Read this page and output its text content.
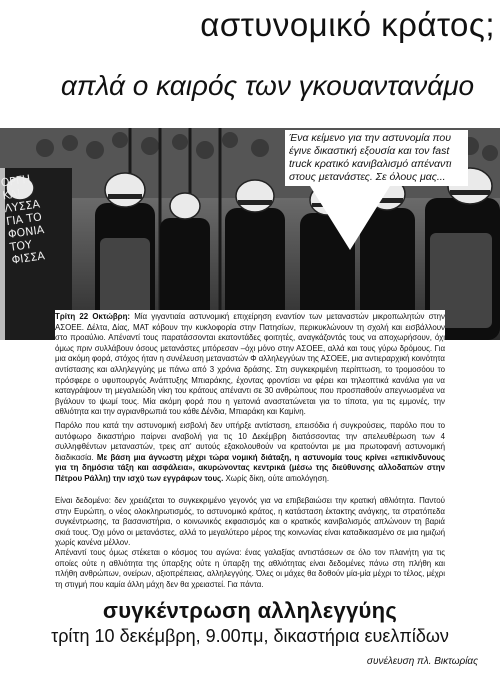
αστυνομικό κράτος;
απλά ο καιρός των γκουαντανάμο
ΟΡΓΗ
ΚΑΙ
ΛΥΣΣΑ
ΓΙΑ ΤΟ
ΦΟΝΙΑ
ΤΟΥ
ΦΙΣΣΑ
Ένα κείμενο για την αστυνομία που έγινε δικαστική εξουσία και τον fast truck κρατικό κανιβαλισμό απέναντι στους μετανάστες. Σε όλους μας...

Τρίτη 22 Οκτώβρη: Μία γιγαντιαία αστυνομική επιχείρηση εναντίον των μεταναστών μικροπωλητών στην ΑΣΟΕΕ. Δέλτα, Δίας, ΜΑΤ κόβουν την κυκλοφορία στην Πατησίων, περικυκλώνουν τη σχολή και εισβάλλουν στο προαύλιο. Απέναντί τους παρατάσσονται εκατοντάδες φοιτητές, αναγκάζοντάς τους να αποχωρήσουν, όχι όμως πριν συλλάβουν όσους μετανάστες μπόρεσαν –όχι μόνο στην ΑΣΟΕΕ, αλλά και τους γύρω δρόμους. Για μια ακόμη φορά, στόχος ήταν η συνέλευση μεταναστών Φ αλληλεγγύων της ΑΣΟΕΕ, μια αντιεραρχική κοινότητα αντίστασης και αλληλεγγύης με πάνω από 3 χρόνια δράσης. Στη συγκεκριμένη περίπτωση, το τρομοσόου το πρόσφερε ο υφυπουργός Ανάπτυξης Μπιαράκης, έχοντας φροντίσει να φέρει και τηλεοπτικά κανάλια για να καταγράψουν τη μεγαλειώδη νίκη του κράτους απέναντι σε 30 ανθρώπους που προσπαθούν απεγνωσμένα να βγάλουν το ψωμί τους. Μία ακόμη φορά που η γειτονιά αναστατώνεται για το τίποτα, για τις εμμονές, την αθλιότητα και την αγριανθρωπιά του κάθε Δένδια, Μπιαράκη και Καμίνη.

Παρόλο που κατά την αστυνομική εισβολή δεν υπήρξε αντίσταση, επεισόδια ή συγκρούσεις, παρόλο που το αυτόφωρο δικαστήριο παίρνει αναβολή για τις 10 Δεκέμβρη διατάσσοντας την απελευθέρωση των 4 συλληφθέντων μεταναστών, τρεις απ' αυτούς εξακολουθούν να κρατούνται με μια πρωτοφανή αστυνομική διαδικασία. Με βάση μια άγνωστη μέχρι τώρα νομική διάταξη, η αστυνομία τους κρίνει «επικίνδυνους για τη δημόσια τάξη και ασφάλεια», ακυρώνοντας κεντρικά (μέσω της διεύθυνσης αλλοδαπών στην Πέτρου Ράλλη) την ισχύ των εγγράφων τους. Χωρίς δίκη, ούτε αιτιολόγηση.

Είναι δεδομένο: δεν χρειάζεται το συγκεκριμένο γεγονός για να επιβεβαιώσει την κρατική αθλιότητα. Παντού στην Ευρώπη, ο νέος ολοκληρωτισμός, το αστυνομικό κράτος, η κατάσταση έκτακτης ανάγκης, τα στρατόπεδα συγκέντρωσης, τα βασανιστήρια, ο κοινωνικός εκφασισμός και ο κρατικός κανιβαλισμός απλώνουν τη βαριά σκιά τους. Όχι μόνο οι μετανάστες, αλλά το μεγαλύτερο μέρος της κοινωνίας είναι καταδικασμένο σε μια ημιζωή χωρίς κανένα μέλλον.

Απέναντί τους όμως στέκεται ο κόσμος του αγώνα: ένας γαλαξίας αντιστάσεων σε όλο τον πλανήτη για τις οποίες ούτε η αθλιότητα της ύπαρξης ούτε η ύπαρξη της αθλιότητας είναι δεδομένες πάνω στη πλήθη και πλήθη ανθρώπων, ονείρων, αξιοπρέπειας, αλληλεγγύης. Όλες οι μάχες θα δοθούν μία-μία μέχρι το τέλος, μέχρι τη στιγμή που καμία άλλη μάχη δεν θα χρειαστεί. Για πάντα.

συγκέντρωση αλληλεγγύης
τρίτη 10 δεκέμβρη, 9.00πμ, δικαστήρια ευελπίδων
συνέλευση πλ. Βικτωρίας
